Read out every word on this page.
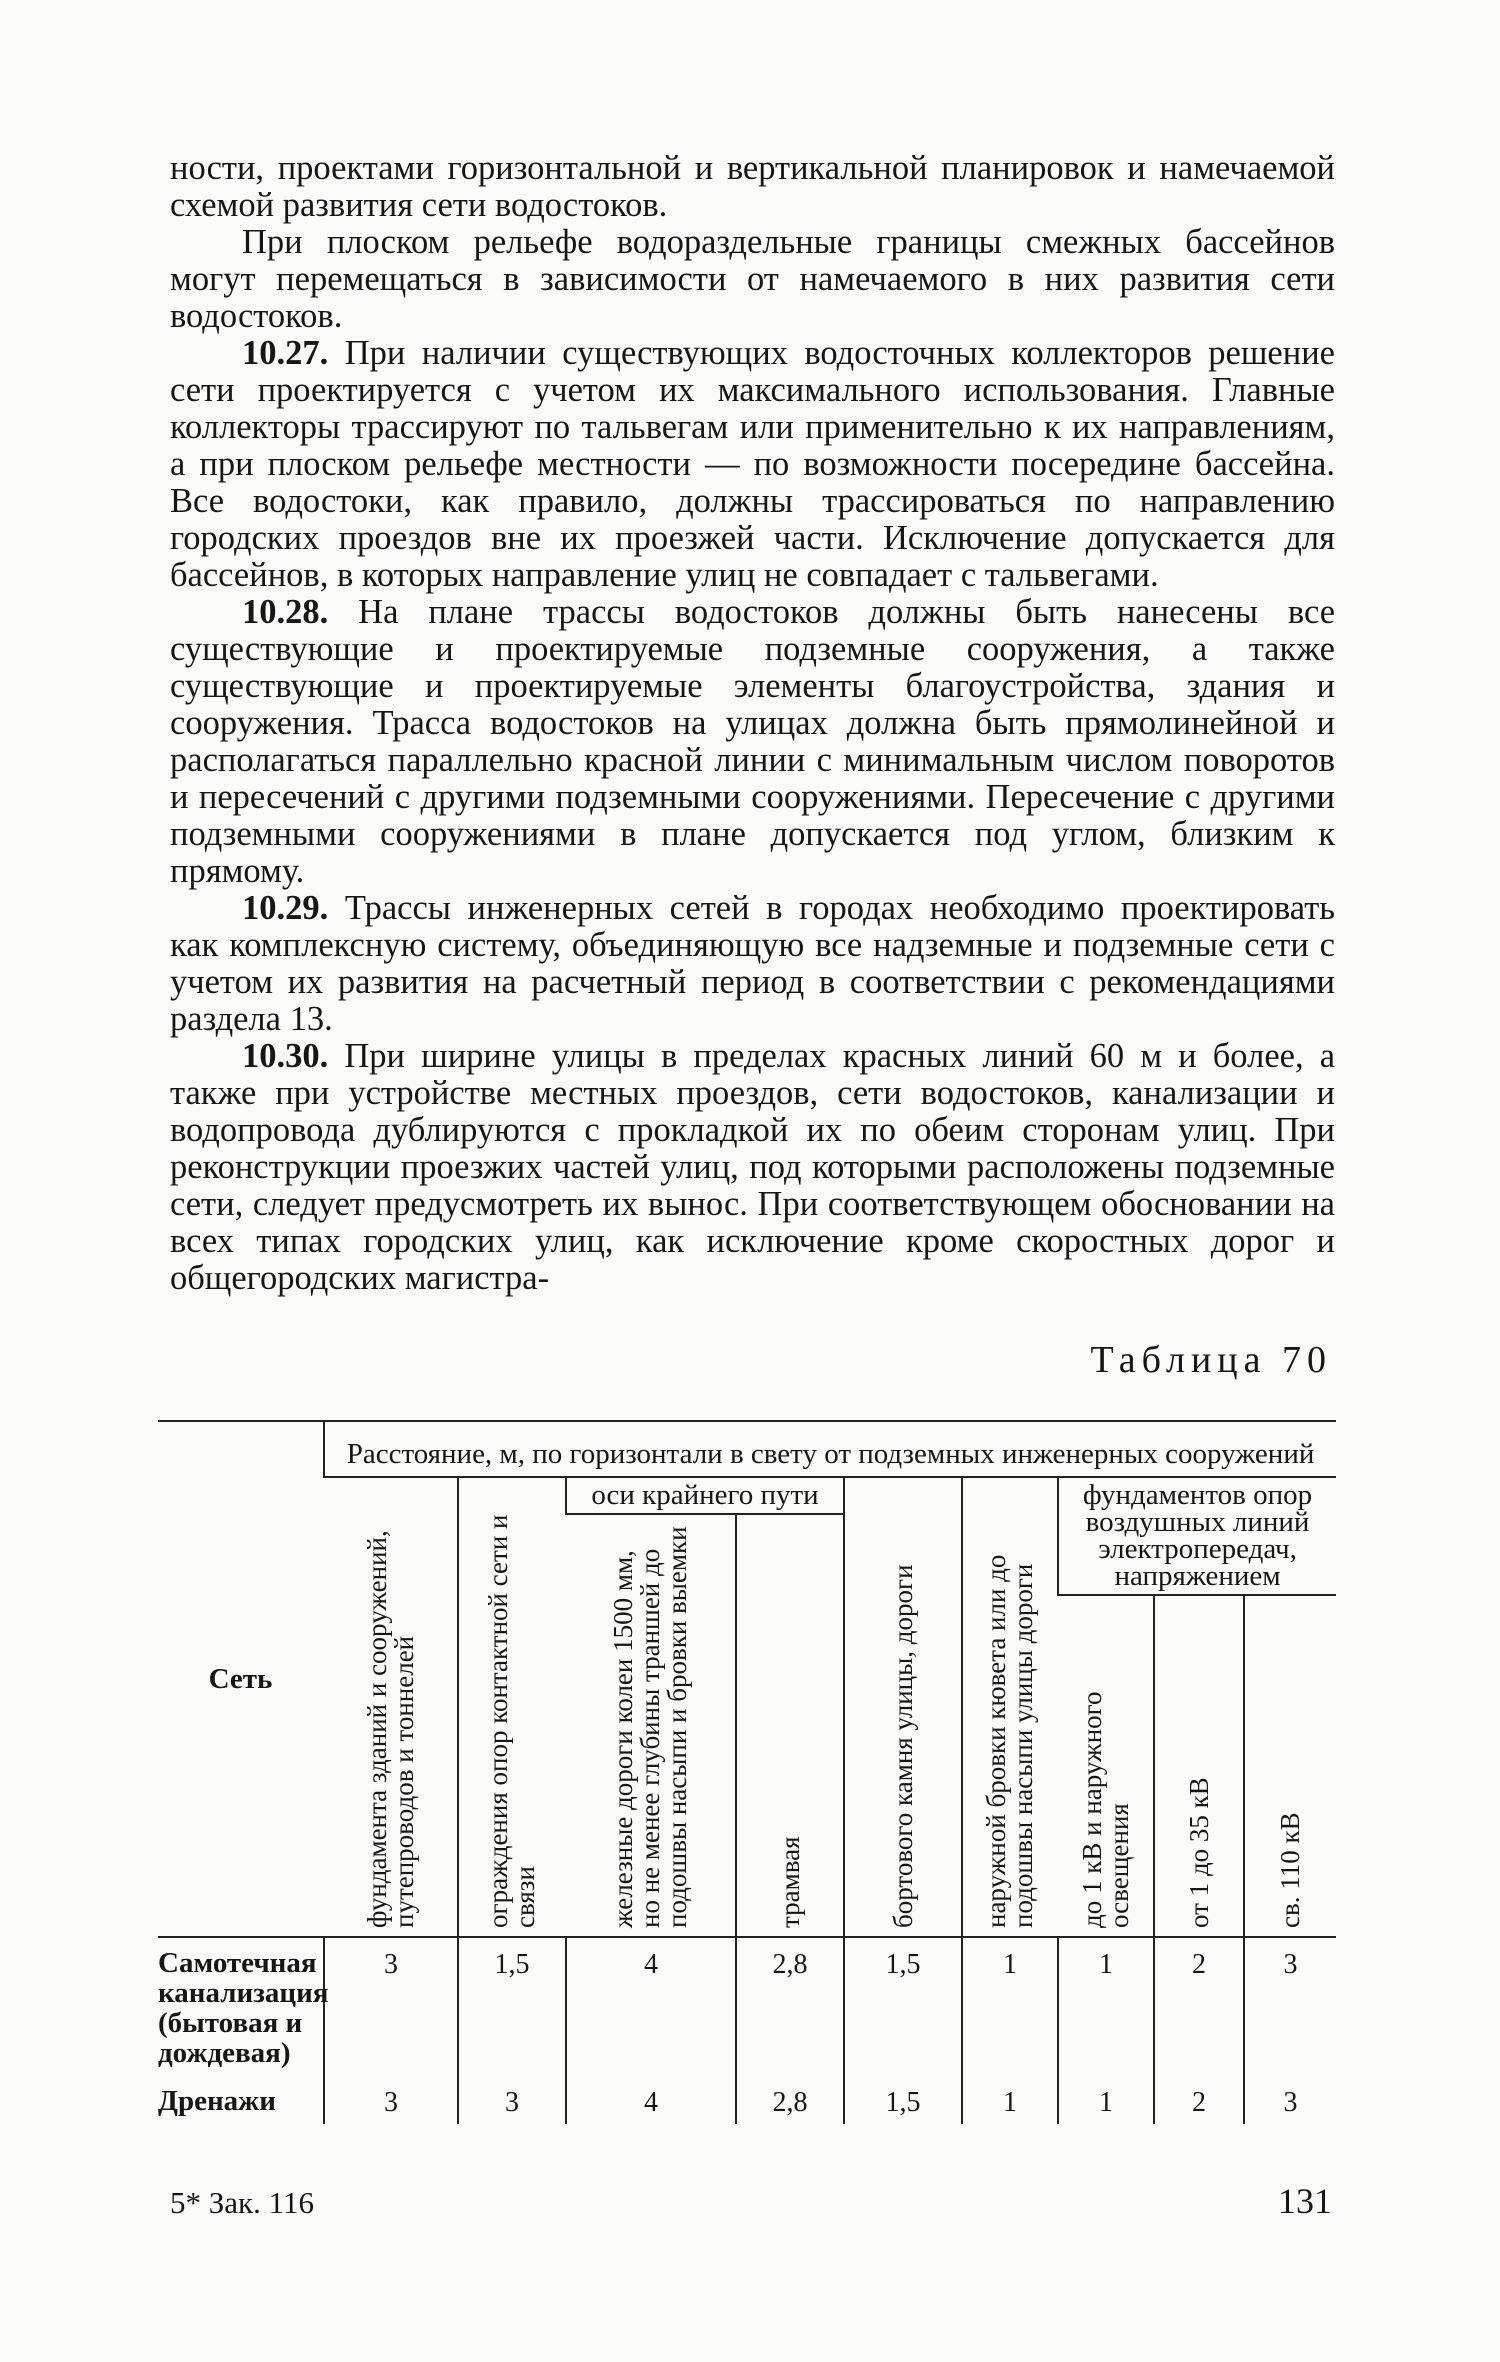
ности, проектами горизонтальной и вертикальной планировок и намечаемой схемой развития сети водостоков.

При плоском рельефе водораздельные границы смежных бассейнов могут перемещаться в зависимости от намечаемого в них развития сети водостоков.

10.27. При наличии существующих водосточных коллекторов решение сети проектируется с учетом их максимального использования. Главные коллекторы трассируют по тальвегам или применительно к их направлениям, а при плоском рельефе местности — по возможности посередине бассейна. Все водостоки, как правило, должны трассироваться по направлению городских проездов вне их проезжей части. Исключение допускается для бассейнов, в которых направление улиц не совпадает с тальвегами.

10.28. На плане трассы водостоков должны быть нанесены все существующие и проектируемые подземные сооружения, а также существующие и проектируемые элементы благоустройства, здания и сооружения. Трасса водостоков на улицах должна быть прямолинейной и располагаться параллельно красной линии с минимальным числом поворотов и пересечений с другими подземными сооружениями. Пересечение с другими подземными сооружениями в плане допускается под углом, близким к прямому.

10.29. Трассы инженерных сетей в городах необходимо проектировать как комплексную систему, объединяющую все надземные и подземные сети с учетом их развития на расчетный период в соответствии с рекомендациями раздела 13.

10.30. При ширине улицы в пределах красных линий 60 м и более, а также при устройстве местных проездов, сети водостоков, канализации и водопровода дублируются с прокладкой их по обеим сторонам улиц. При реконструкции проезжих частей улиц, под которыми расположены подземные сети, следует предусмотреть их вынос. При соответствующем обосновании на всех типах городских улиц, как исключение кроме скоростных дорог и общегородских магистра-

Таблица 70
Сеть	Расстояние, м, по горизонтали в свету от подземных инженерных сооружений								

	фундамента зданий и сооружений, путепроводов и тоннелей	ограждения опор контактной сети и связи	оси крайнего пути		бортового камня улицы, дороги	наружной бровки кювета или до подошвы насыпи улицы дороги	фундаментов опор воздушных линий электропередач, напряжением		

			железные дороги колеи 1500 мм, но не менее глубины траншей до подошвы насыпи и бровки выемки	трамвая					

							до 1 кВ и наружного освещения	от 1 до 35 кВ	св. 110 кВ

Самотечная канализация (бытовая и дождевая)	3	1,5	4	2,8	1,5	1	1	2	3
Дренажи	3	3	4	2,8	1,5	1	1	2	3
5* Зак. 116	131
